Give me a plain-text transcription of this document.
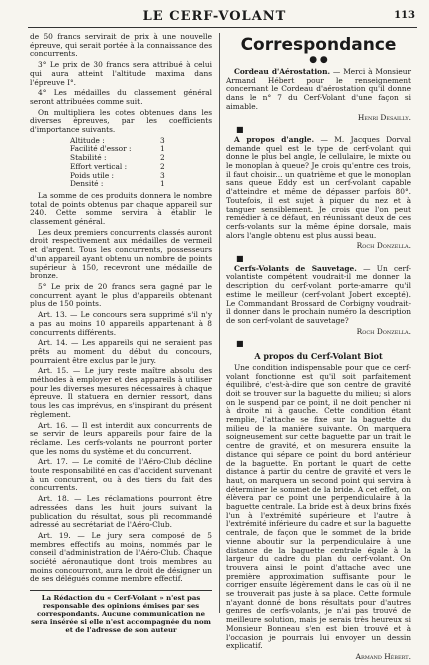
LE CERF-VOLANT	113

de 50 francs servirait de prix à une nouvelle épreuve, qui serait portée à la connaissance des concurrents.

3° Le prix de 30 francs sera attribué à celui qui aura atteint l'altitude maxima dans l'épreuve I°.

4° Les médailles du classement général seront attribuées comme suit.

On multipliera les cotes obtenues dans les diverses épreuves, par les coefficients d'importance suivants.

Altitude :	3
Facilité d'essor :	1
Stabilité :	2
Effort vertical :	2
Poids utile :	3
Densité :	1

La somme de ces produits donnera le nombre total de points obtenus par chaque appareil sur 240. Cette somme servira à établir le classement général.

Les deux premiers concurrents classés auront droit respectivement aux médailles de vermeil et d'argent. Tous les concurrents, possesseurs d'un appareil ayant obtenu un nombre de points supérieur à 150, recevront une médaille de bronze.

5° Le prix de 20 francs sera gagné par le concurrent ayant le plus d'appareils obtenant plus de 150 points.

Art. 13. — Le concours sera supprimé s'il n'y a pas au moins 10 appareils appartenant à 8 concurrents différents.

Art. 14. — Les appareils qui ne seraient pas prêts au moment du début du concours, pourraient être exclus par le jury.

Art. 15. — Le jury reste maître absolu des méthodes à employer et des appareils à utiliser pour les diverses mesures nécessaires à chaque épreuve. Il statuera en dernier ressort, dans tous les cas imprévus, en s'inspirant du présent règlement.

Art. 16. — Il est interdit aux concurrents de se servir de leurs appareils pour faire de la réclame. Les cerfs-volants ne pourront porter que les noms du système et du concurrent.

Art. 17. — Le comité de l'Aéro-Club décline toute responsabilité en cas d'accident survenant à un concurrent, ou à des tiers du fait des concurrents.

Art. 18. — Les réclamations pourront être adressées dans les huit jours suivant la publication du résultat, sous pli recommandé adressé au secrétariat de l'Aéro-Club.

Art. 19. — Le jury sera composé de 5 membres effectifs au moins, nommés par le conseil d'administration de l'Aéro-Club. Chaque société aéronautique dont trois membres au moins concourront, aura le droit de désigner un de ses délégués comme membre effectif.

La Rédaction du « Cerf-Volant » n'est pas responsable des opinions émises par ses correspondants. Aucune communication ne sera insérée si elle n'est accompagnée du nom et de l'adresse de son auteur
Correspondance
● ●

Cordeau d'Aérostation. — Merci à Monsieur Armand Hébert pour le renseignement concernant le Cordeau d'aérostation qu'il donne dans le n° 7 du Cerf-Volant d'une façon si aimable.

Henri Desailly.
■

A propos d'angle. — M. Jacques Dorval demande quel est le type de cerf-volant qui donne le plus bel angle, le cellulaire, le mixte ou le monoplan à queue? Je crois qu'entre ces trois, il faut choisir... un quatrième et que le monoplan sans queue Eddy est un cerf-volant capable d'atteindre et même de dépasser parfois 80°. Toutefois, il est sujet à piquer du nez et à tanguer sensiblement. Je crois que l'on peut remédier à ce défaut, en réunissant deux de ces cerfs-volants sur la même épine dorsale, mais alors l'angle obtenu est plus aussi beau.

Roch Donzella.
■

Cerfs-Volants de Sauvetage. — Un cerf-volantiste compétent voudrait-il me donner la description du cerf-volant porte-amarre qu'il estime le meilleur (cerf-volant Jobert excepté). Le Commandant Brossard de Corbigny voudrait-il donner dans le prochain numéro la description de son cerf-volant de sauvetage?

Roch Donzella.
■
A propos du Cerf-Volant Biot

Une condition indispensable pour que ce cerf-volant fonctionne est qu'il soit parfaitement équilibré, c'est-à-dire que son centre de gravité doit se trouver sur la baguette du milieu; si alors on le suspend par ce point, il ne doit pencher ni à droite ni à gauche. Cette condition étant remplie, l'attache se fixe sur la baguette du milieu de la manière suivante. On marquera soigneusement sur cette baguette par un trait le centre de gravité, et on mesurera ensuite la distance qui sépare ce point du bord antérieur de la baguette. En portant le quart de cette distance à partir du centre de gravité et vers le haut, on marquera un second point qui servira à déterminer le sommet de la bride. A cet effet, on élèvera par ce point une perpendiculaire à la baguette centrale. La bride est à deux brins fixés l'un à l'extrémité supérieure et l'autre à l'extrémité inférieure du cadre et sur la baguette centrale, de façon que le sommet de la bride vienne aboutir sur la perpendiculaire à une distance de la baguette centrale égale à la largeur du cadre du plan du cerf-volant. On trouvera ainsi le point d'attache avec une première approximation suffisante pour le corriger ensuite légèrement dans le cas où il ne se trouverait pas juste à sa place. Cette formule n'ayant donné de bons résultats pour d'autres genres de cerfs-volants, je n'ai pas trouvé de meilleure solution, mais je serais très heureux si Monsieur Bonneau s'en est bien trouvé et à l'occasion je pourrais lui envoyer un dessin explicatif.

Armand Hébert.
